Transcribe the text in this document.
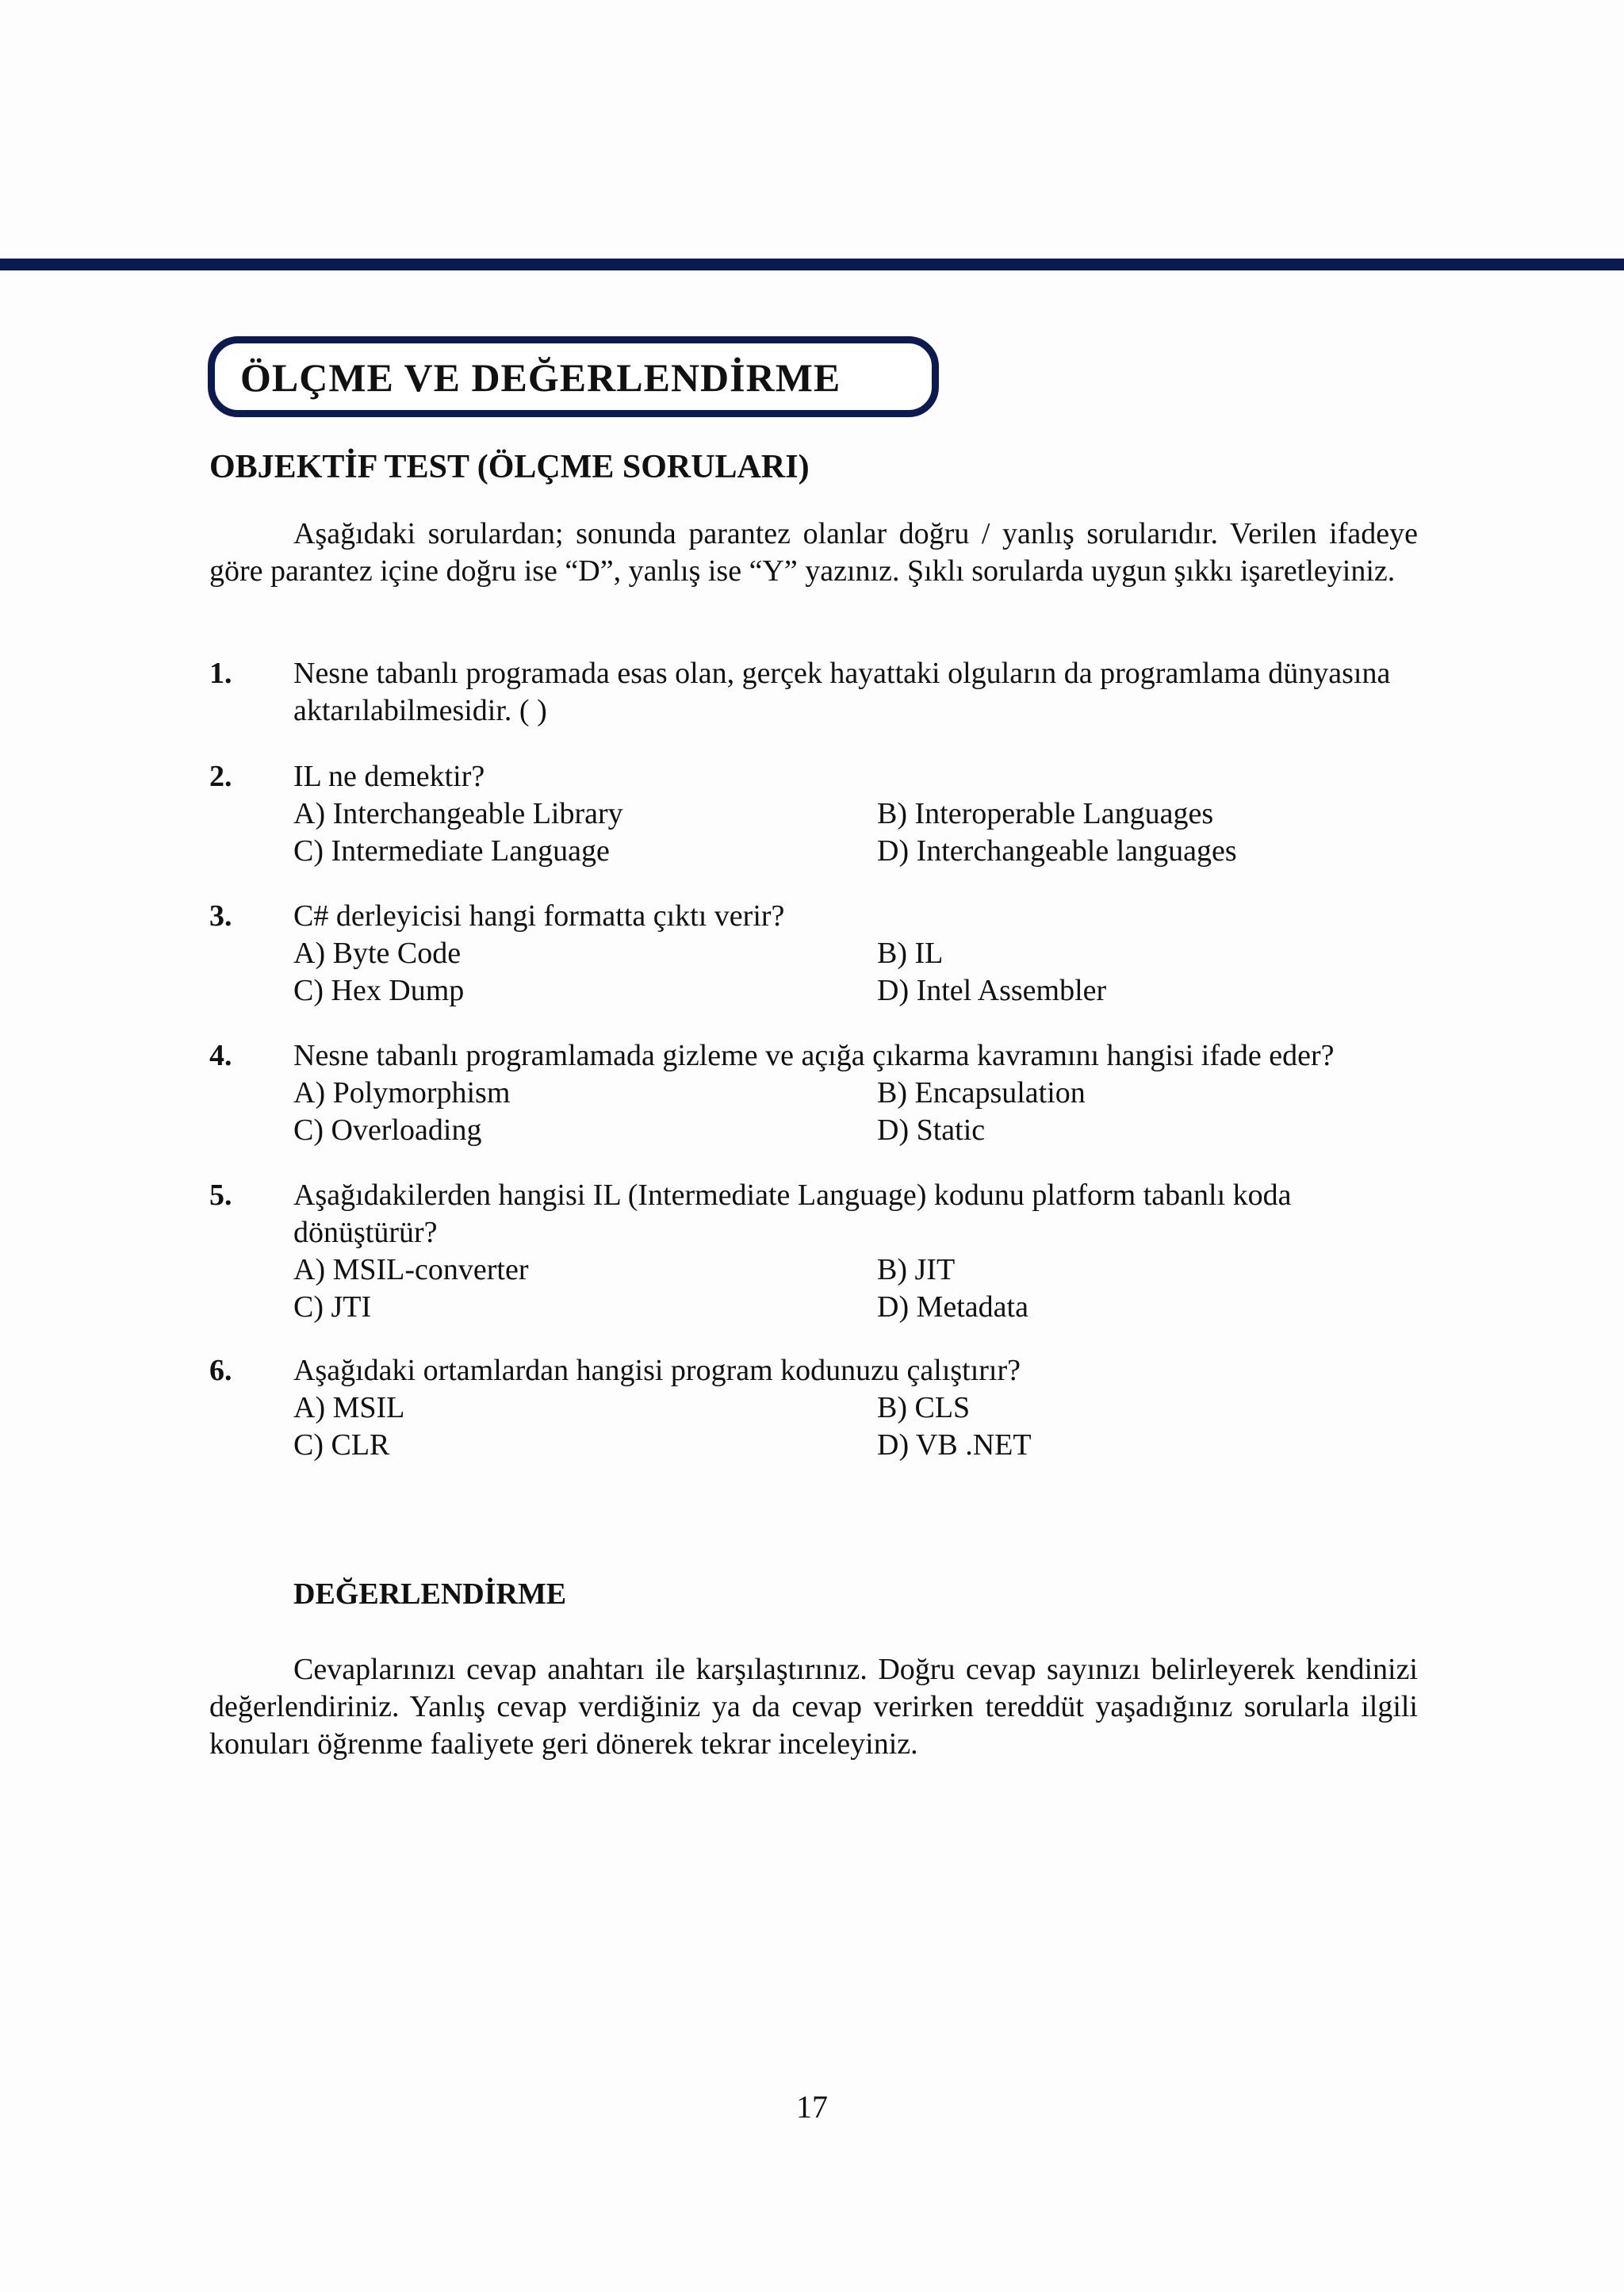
ÖLÇME VE DEĞERLENDİRME
OBJEKTİF TEST (ÖLÇME SORULARI)
Aşağıdaki sorulardan; sonunda parantez olanlar doğru / yanlış sorularıdır. Verilen ifadeye göre parantez içine doğru ise “D”, yanlış ise “Y” yazınız. Şıklı sorularda uygun şıkkı işaretleyiniz.
1. Nesne tabanlı programada esas olan, gerçek hayattaki olguların da programlama dünyasına aktarılabilmesidir. ( )
2. IL ne demektir?
A) Interchangeable Library	B) Interoperable Languages
C) Intermediate Language	D) Interchangeable languages
3. C# derleyicisi hangi formatta çıktı verir?
A) Byte Code	B) IL
C) Hex Dump	D) Intel Assembler
4. Nesne tabanlı programlamada gizleme ve açığa çıkarma kavramını hangisi ifade eder?
A) Polymorphism	B) Encapsulation
C) Overloading	D) Static
5. Aşağıdakilerden hangisi IL (Intermediate Language) kodunu platform tabanlı koda dönüştürür?
A) MSIL-converter	B) JIT
C) JTI	D) Metadata
6. Aşağıdaki ortamlardan hangisi program kodunuzu çalıştırır?
A) MSIL	B) CLS
C) CLR	D) VB .NET
DEĞERLENDİRME
Cevaplarınızı cevap anahtarı ile karşılaştırınız. Doğru cevap sayınızı belirleyerek kendinizi değerlendiriniz. Yanlış cevap verdiğiniz ya da cevap verirken tereddüt yaşadığınız sorularla ilgili konuları öğrenme faaliyete geri dönerek tekrar inceleyiniz.
17
